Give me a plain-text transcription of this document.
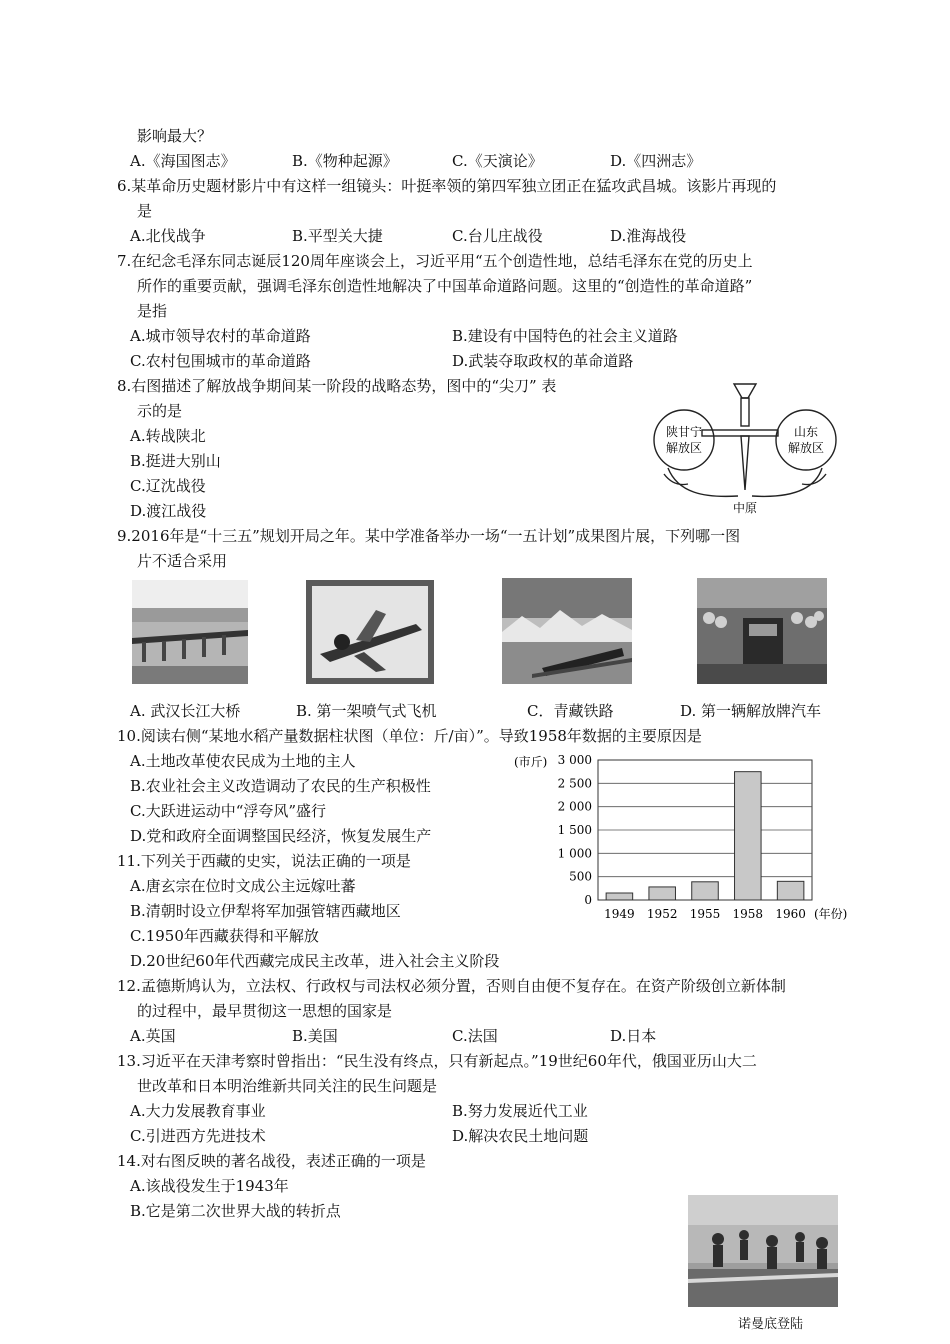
影响最大？
A.《海国图志》	B.《物种起源》	C.《天演论》	D.《四洲志》
6.某革命历史题材影片中有这样一组镜头：叶挺率领的第四军独立团正在猛攻武昌城。该影片再现的
是
A.北伐战争	B.平型关大捷	C.台儿庄战役	D.淮海战役
7.在纪念毛泽东同志诞辰120周年座谈会上，习近平用“五个创造性地，总结毛泽东在党的历史上
所作的重要贡献，强调毛泽东创造性地解决了中国革命道路问题。这里的“创造性的革命道路”
是指
A.城市领导农村的革命道路	B.建设有中国特色的社会主义道路
C.农村包围城市的革命道路	D.武装夺取政权的革命道路
8.右图描述了解放战争期间某一阶段的战略态势，图中的“尖刀” 表
示的是
A.转战陕北
B.挺进大别山
C.辽沈战役
D.渡江战役
陕甘宁
解放区
山东
解放区
中原
9.2016年是“十三五”规划开局之年。某中学准备举办一场“一五计划”成果图片展，下列哪一图
片不适合采用
A. 武汉长江大桥	B. 第一架喷气式飞机	C．青藏铁路	D. 第一辆解放牌汽车
10.阅读右侧“某地水稻产量数据柱状图（单位：斤/亩）”。导致1958年数据的主要原因是
A.土地改革使农民成为土地的主人
B.农业社会主义改造调动了农民的生产积极性
C.大跃进运动中“浮夸风”盛行
D.党和政府全面调整国民经济，恢复发展生产
(市斤)
(年份)
3 000
2 500
2 000
1 500
1 000
500
0
1949 1952 1955 1958 1960
11.下列关于西藏的史实，说法正确的一项是
A.唐玄宗在位时文成公主远嫁吐蕃
B.清朝时设立伊犁将军加强管辖西藏地区
C.1950年西藏获得和平解放
D.20世纪60年代西藏完成民主改革，进入社会主义阶段
12.孟德斯鸠认为，立法权、行政权与司法权必须分置，否则自由便不复存在。在资产阶级创立新体制
的过程中，最早贯彻这一思想的国家是
A.英国	B.美国	C.法国	D.日本
13.习近平在天津考察时曾指出：“民生没有终点，只有新起点。”19世纪60年代，俄国亚历山大二
世改革和日本明治维新共同关注的民生问题是
A.大力发展教育事业	B.努力发展近代工业
C.引进西方先进技术	D.解决农民土地问题
14.对右图反映的著名战役，表述正确的一项是
A.该战役发生于1943年
B.它是第二次世界大战的转折点
诺曼底登陆
